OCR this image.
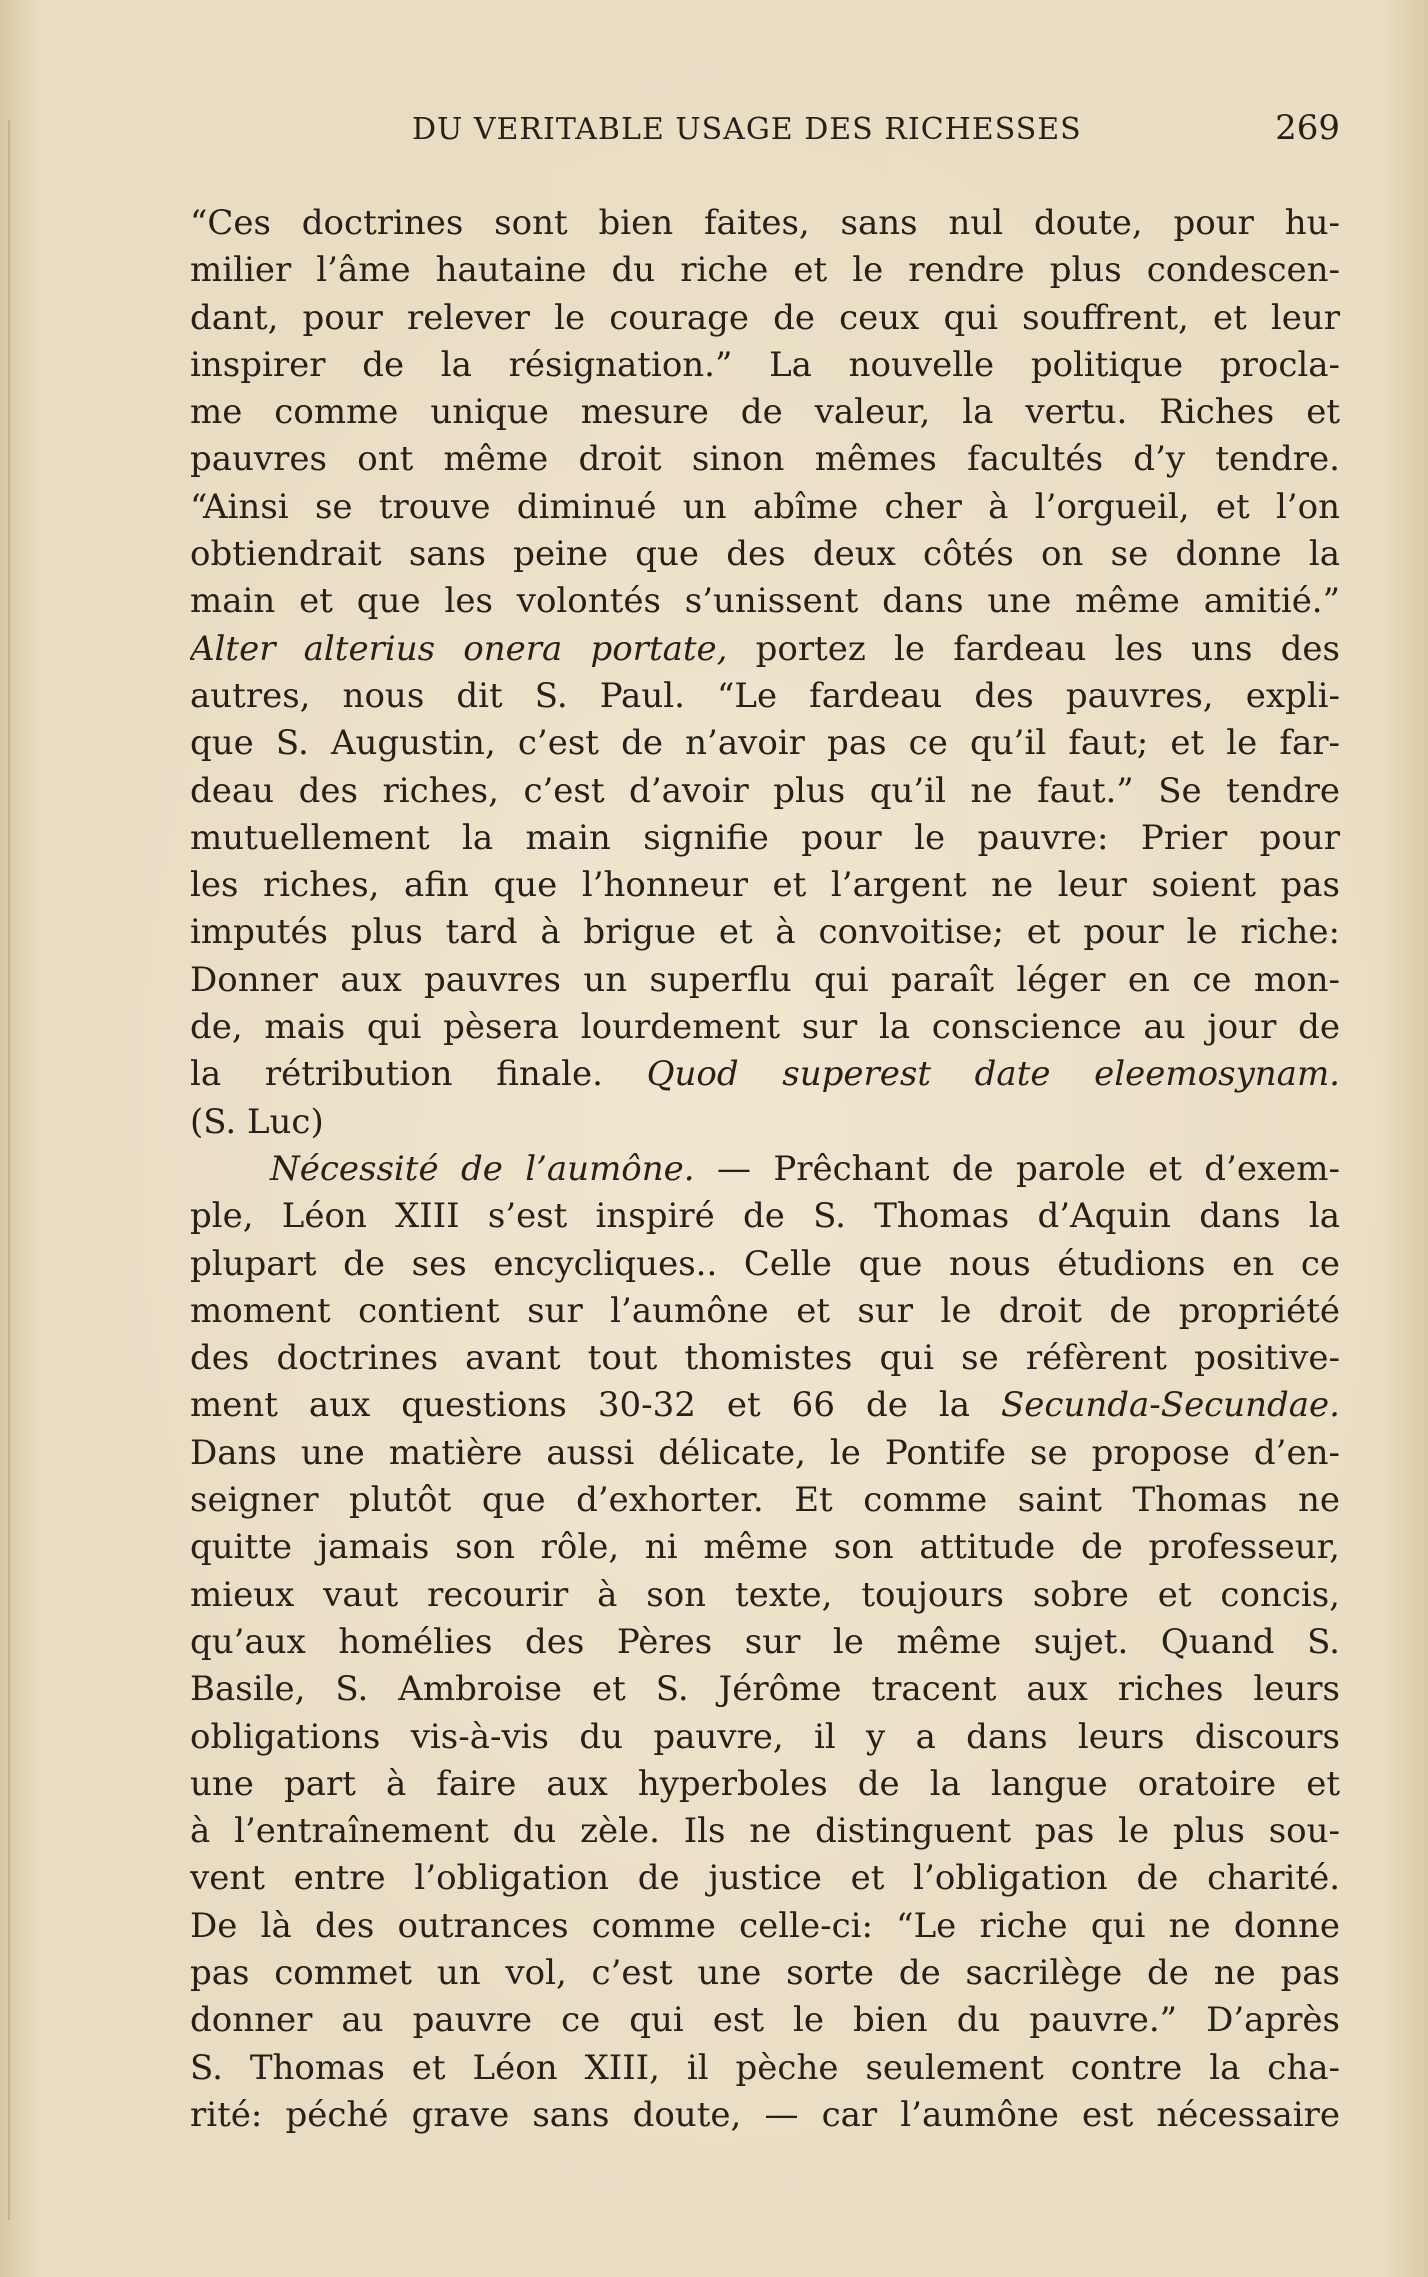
DU VERITABLE USAGE DES RICHESSES	269
“Ces doctrines sont bien faites, sans nul doute, pour hu-
milier l’âme hautaine du riche et le rendre plus condescen-
dant, pour relever le courage de ceux qui souffrent, et leur
inspirer de la résignation.” La nouvelle politique procla-
me comme unique mesure de valeur, la vertu. Riches et
pauvres ont même droit sinon mêmes facultés d’y tendre.
“Ainsi se trouve diminué un abîme cher à l’orgueil, et l’on
obtiendrait sans peine que des deux côtés on se donne la
main et que les volontés s’unissent dans une même amitié.”
Alter alterius onera portate, portez le fardeau les uns des
autres, nous dit S. Paul. “Le fardeau des pauvres, expli-
que S. Augustin, c’est de n’avoir pas ce qu’il faut; et le far-
deau des riches, c’est d’avoir plus qu’il ne faut.” Se tendre
mutuellement la main signifie pour le pauvre: Prier pour
les riches, afin que l’honneur et l’argent ne leur soient pas
imputés plus tard à brigue et à convoitise; et pour le riche:
Donner aux pauvres un superflu qui paraît léger en ce mon-
de, mais qui pèsera lourdement sur la conscience au jour de
la rétribution finale. Quod superest date eleemosynam.
(S. Luc)
Nécessité de l’aumône. — Prêchant de parole et d’exem-
ple, Léon XIII s’est inspiré de S. Thomas d’Aquin dans la
plupart de ses encycliques.. Celle que nous étudions en ce
moment contient sur l’aumône et sur le droit de propriété
des doctrines avant tout thomistes qui se réfèrent positive-
ment aux questions 30-32 et 66 de la Secunda-Secundae.
Dans une matière aussi délicate, le Pontife se propose d’en-
seigner plutôt que d’exhorter. Et comme saint Thomas ne
quitte jamais son rôle, ni même son attitude de professeur,
mieux vaut recourir à son texte, toujours sobre et concis,
qu’aux homélies des Pères sur le même sujet. Quand S.
Basile, S. Ambroise et S. Jérôme tracent aux riches leurs
obligations vis-à-vis du pauvre, il y a dans leurs discours
une part à faire aux hyperboles de la langue oratoire et
à l’entraînement du zèle. Ils ne distinguent pas le plus sou-
vent entre l’obligation de justice et l’obligation de charité.
De là des outrances comme celle-ci: “Le riche qui ne donne
pas commet un vol, c’est une sorte de sacrilège de ne pas
donner au pauvre ce qui est le bien du pauvre.” D’après
S. Thomas et Léon XIII, il pèche seulement contre la cha-
rité: péché grave sans doute, — car l’aumône est nécessaire
